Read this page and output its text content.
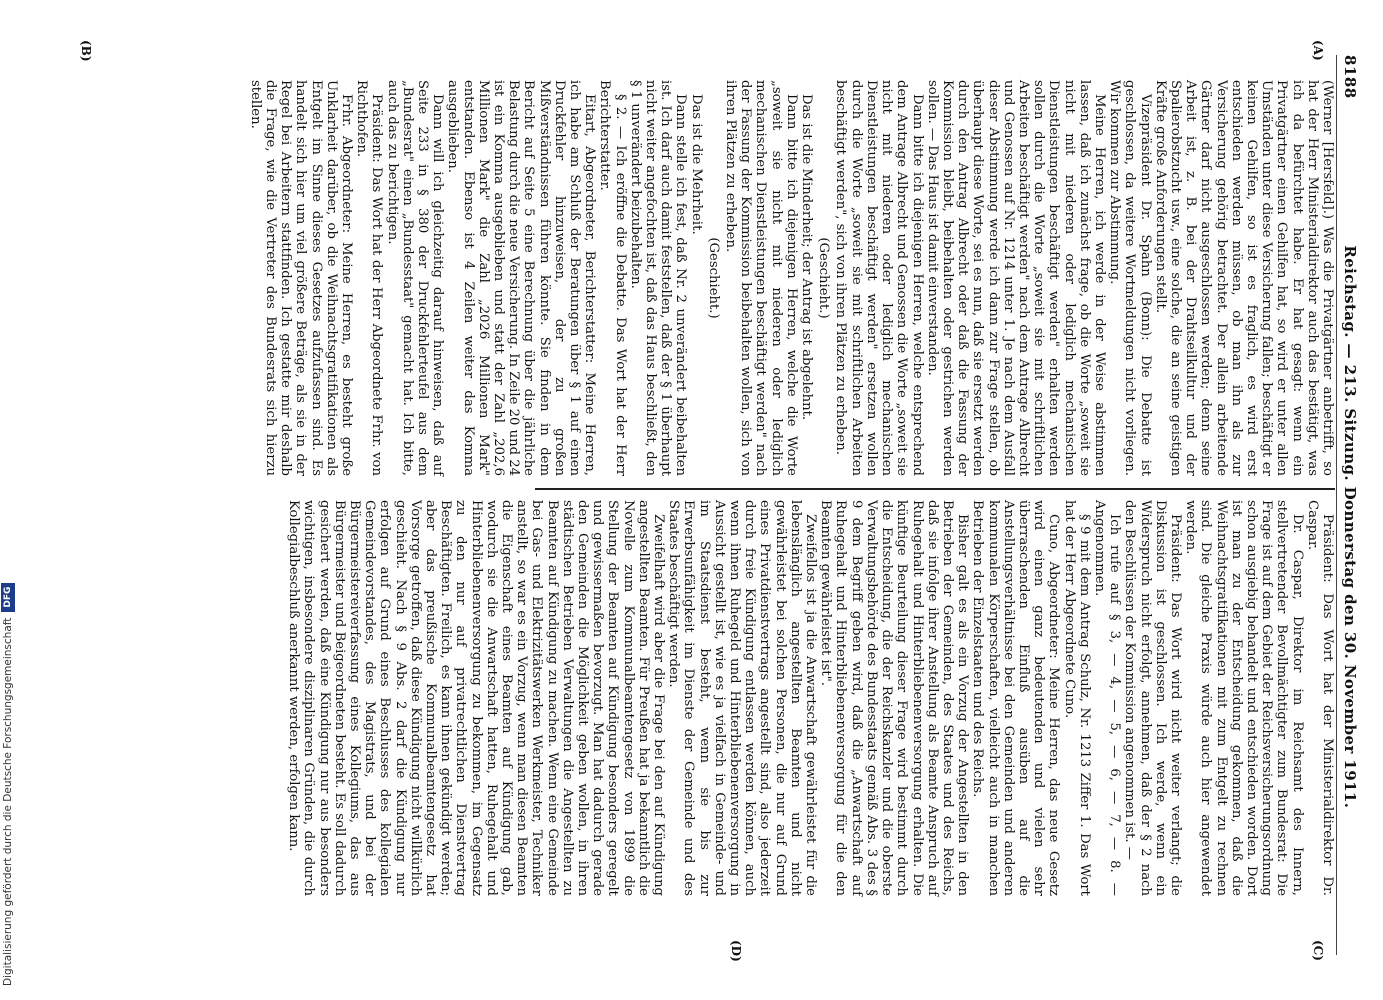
8188
Reichstag. — 213. Sitzung. Donnerstag den 30. November 1911.
(A)
(B)
(C)
(D)

(Werner [Hersfeld].) Was die Privatgärtner anbetrifft, so hat der Herr Ministerialdirektor auch das bestätigt, was ich da befürchtet habe. Er hat gesagt: wenn ein Privatgärtner einen Gehilfen hat, so wird er unter allen Umständen unter diese Versicherung fallen; beschäftigt er keinen Gehilfen, so ist es fraglich, es wird erst entschieden werden müssen, ob man ihn als zur Versicherung gehörig betrachtet. Der allein arbeitende Gärtner darf nicht ausgeschlossen werden; denn seine Arbeit ist, z. B. bei der Drahtseilkultur und der Spalierobstzucht usw., eine solche, die an seine geistigen Kräfte große Anforderungen stellt.

Vizepräsident Dr. Spahn (Bonn): Die Debatte ist geschlossen, da weitere Wortmeldungen nicht vorliegen. Wir kommen zur Abstimmung.

Meine Herren, ich werde in der Weise abstimmen lassen, daß ich zunächst frage, ob die Worte „soweit sie nicht mit niederen oder lediglich mechanischen Dienstleistungen beschäftigt werden" erhalten werden sollen durch die Worte „soweit sie mit schriftlichen Arbeiten beschäftigt werden" nach dem Antrage Albrecht und Genossen auf Nr. 1214 unter 1. Je nach dem Ausfall dieser Abstimmung werde ich dann zur Frage stellen, ob überhaupt diese Worte, sei es nun, daß sie ersetzt werden durch den Antrag Albrecht oder daß die Fassung der Kommission bleibt, beibehalten oder gestrichen werden sollen. — Das Haus ist damit einverstanden.

Dann bitte ich diejenigen Herren, welche entsprechend dem Antrage Albrecht und Genossen die Worte „soweit sie nicht mit niederen oder lediglich mechanischen Dienstleistungen beschäftigt werden" ersetzen wollen durch die Worte „soweit sie mit schriftlichen Arbeiten beschäftigt werden", sich von ihren Plätzen zu erheben.

(Geschieht.)

Das ist die Minderheit; der Antrag ist abgelehnt.

Dann bitte ich diejenigen Herren, welche die Worte „soweit sie nicht mit niederen oder lediglich mechanischen Dienstleistungen beschäftigt werden" nach der Fassung der Kommission beibehalten wollen, sich von ihren Plätzen zu erheben.

(Geschieht.)

Das ist die Mehrheit.

Dann stelle ich fest, daß Nr. 2 unverändert beibehalten ist. Ich darf auch damit feststellen, daß der § 1 überhaupt nicht weiter angefochten ist, daß das Haus beschließt, den § 1 unverändert beizubehalten.

§ 2. — Ich eröffne die Debatte. Das Wort hat der Herr Berichterstatter.

Eitart, Abgeordneter, Berichterstatter: Meine Herren, ich habe am Schluß der Beratungen über § 1 auf einen Druckfehler hinzuweisen, der zu großen Mißverständnissen führen könnte. Sie finden in dem Bericht auf Seite 5 eine Berechnung über die jährliche Belastung durch die neue Versicherung. In Zeile 20 und 24 ist ein Komma ausgeblieben und statt der Zahl „202,6 Millionen Mark" die Zahl „2026 Millionen Mark" entstanden. Ebenso ist 4 Zeilen weiter das Komma ausgeblieben.

Dann will ich gleichzeitig darauf hinweisen, daß auf Seite 233 in § 380 der Druckfehlerteufel aus dem „Bundesrat" einen „Bundesstaat" gemacht hat. Ich bitte, auch das zu berichtigen.

Präsident: Das Wort hat der Herr Abgeordnete Frhr. von Richthofen.

Frhr. Abgeordneter: Meine Herren, es besteht große Unklarheit darüber, ob die Weihnachtsgratifikationen als Entgelt im Sinne dieses Gesetzes aufzufassen sind. Es handelt sich hier um viel größere Beträge, als sie in der Regel bei Arbeitern stattfinden. Ich gestatte mir deshalb die Frage, wie die Vertreter des Bundesrats sich hierzu stellen.

Präsident: Das Wort hat der Ministerialdirektor Dr. Caspar.

Dr. Caspar, Direktor im Reichsamt des Innern, stellvertretender Bevollmächtigter zum Bundesrat: Die Frage ist auf dem Gebiet der Reichsversicherungsordnung schon ausgiebig behandelt und entschieden worden. Dort ist man zu der Entscheidung gekommen, daß die Weihnachtsgratifikationen mit zum Entgelt zu rechnen sind. Die gleiche Praxis würde auch hier angewendet werden.

Präsident: Das Wort wird nicht weiter verlangt; die Diskussion ist geschlossen. Ich werde, wenn ein Widerspruch nicht erfolgt, annehmen, daß der § 2 nach den Beschlüssen der Kommission angenommen ist. —

Ich rufe auf § 3, — 4, — 5, — 6, — 7, — 8. — Angenommen.

§ 9 mit dem Antrag Schulz, Nr. 1213 Ziffer 1. Das Wort hat der Herr Abgeordnete Cuno.

Cuno, Abgeordneter: Meine Herren, das neue Gesetz wird einen ganz bedeutenden und vielen sehr überraschenden Einfluß ausüben auf die Anstellungsverhältnisse bei den Gemeinden und anderen kommunalen Körperschaften, vielleicht auch in manchen Betrieben der Einzelstaaten und des Reichs.

Bisher galt es als ein Vorzug der Angestellten in den Betrieben der Gemeinden, des Staates und des Reichs, daß sie infolge ihrer Anstellung als Beamte Anspruch auf Ruhegehalt und Hinterbliebenenversorgung erhalten. Die künftige Beurteilung dieser Frage wird bestimmt durch die Entscheidung, die der Reichskanzler und die oberste Verwaltungsbehörde des Bundesstaats gemäß Abs. 3 des § 9 dem Begriff geben wird, daß die „Anwartschaft auf Ruhegehalt und Hinterbliebenenversorgung für die den Beamten gewährleistet ist".

Zweifellos ist ja die Anwartschaft gewährleistet für die lebenslänglich angestellten Beamten und nicht gewährleistet bei solchen Personen, die nur auf Grund eines Privatdienstvertrags angestellt sind, also jederzeit durch freie Kündigung entlassen werden können, auch wenn ihnen Ruhegeld und Hinterbliebenenversorgung in Aussicht gestellt ist, wie es ja vielfach in Gemeinde- und im Staatsdienst besteht, wenn sie bis zur Erwerbsunfähigkeit im Dienste der Gemeinde und des Staates beschäftigt werden.

Zweifelhaft wird aber die Frage bei den auf Kündigung angestellten Beamten. Für Preußen hat ja bekanntlich die Novelle zum Kommunalbeamtengesetz von 1899 die Stellung der Beamten auf Kündigung besonders geregelt und gewissermaßen bevorzugt. Man hat dadurch gerade den Gemeinden die Möglichkeit geben wollen, in ihren städtischen Betrieben Verwaltungen die Angestellten zu Beamten auf Kündigung zu machen. Wenn eine Gemeinde bei Gas- und Elektrizitätswerken Werkmeister, Techniker anstellt, so war es ein Vorzug, wenn man diesen Beamten die Eigenschaft eines Beamten auf Kündigung gab, wodurch sie die Anwartschaft hatten, Ruhegehalt und Hinterbliebenenversorgung zu bekommen, im Gegensatz zu den nur auf privatrechtlichen Dienstvertrag Beschäftigten. Freilich, es kann ihnen gekündigt werden; aber das preußische Kommunalbeamtengesetz hat Vorsorge getroffen, daß diese Kündigung nicht willkürlich geschieht. Nach § 9 Abs. 2 darf die Kündigung nur erfolgen auf Grund eines Beschlusses des kollegialen Gemeindevorstandes, des Magistrats, und bei der Bürgermeistereiverfassung eines Kollegiums, das aus Bürgermeister und Beigeordneten besteht. Es soll dadurch gesichert werden, daß eine Kündigung nur aus besonders wichtigen, insbesondere disziplinaren Gründen, die durch Kollegialbeschluß anerkannt werden, erfolgen kann.

Digitalisierung gefördert durch die Deutsche Forschungsgemeinschaft
DFG
